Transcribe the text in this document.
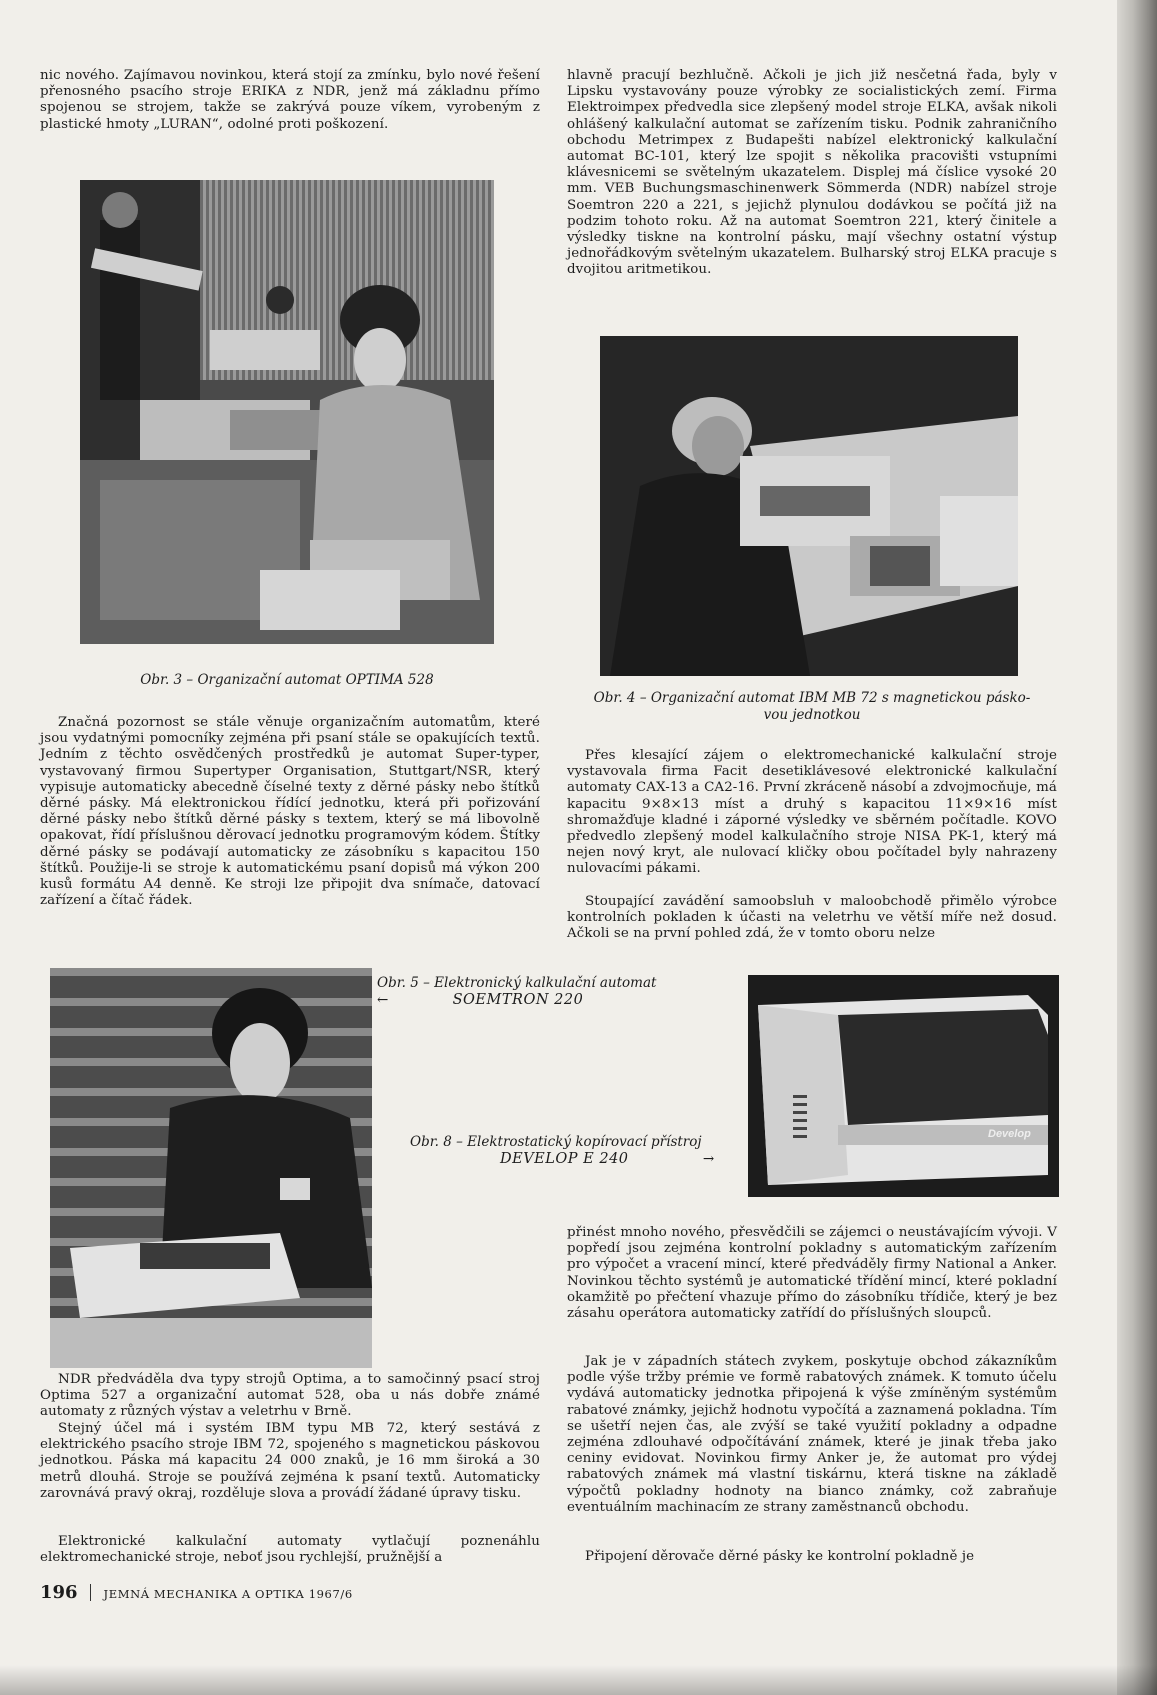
nic nového. Zajímavou novinkou, která stojí za zmínku, bylo nové řešení přenosného psacího stroje ERIKA z NDR, jenž má základnu přímo spojenou se strojem, takže se zakrývá pouze víkem, vyrobeným z plastické hmoty „LURAN“, odolné proti poškození.

hlavně pracují bezhlučně. Ačkoli je jich již nesčetná řada, byly v Lipsku vystavovány pouze výrobky ze socialistických zemí. Firma Elektroimpex předvedla sice zlepšený model stroje ELKA, avšak nikoli ohlášený kalkulační automat se zařízením tisku. Podnik zahraničního obchodu Metrimpex z Budapešti nabízel elektronický kalkulační automat BC-101, který lze spojit s několika pracovišti vstupními klávesnicemi se světelným ukazatelem. Displej má číslice vysoké 20 mm. VEB Buchungsmaschinenwerk Sömmerda (NDR) nabízel stroje Soemtron 220 a 221, s jejichž plynulou dodávkou se počítá již na podzim tohoto roku. Až na automat Soemtron 221, který činitele a výsledky tiskne na kontrolní pásku, mají všechny ostatní výstup jednořádkovým světelným ukazatelem. Bulharský stroj ELKA pracuje s dvojitou aritmetikou.

Obr. 3 – Organizační automat OPTIMA 528
Obr. 4 – Organizační automat IBM MB 72 s magnetickou pásko-
vou jednotkou

Značná pozornost se stále věnuje organizačním automatům, které jsou vydatnými pomocníky zejména při psaní stále se opakujících textů. Jedním z těchto osvědčených prostředků je automat Super-typer, vystavovaný firmou Supertyper Organisation, Stuttgart/NSR, který vypisuje automaticky abecedně číselné texty z děrné pásky nebo štítků děrné pásky. Má elektronickou řídící jednotku, která při pořizování děrné pásky nebo štítků děrné pásky s textem, který se má libovolně opakovat, řídí příslušnou děrovací jednotku programovým kódem. Štítky děrné pásky se podávají automaticky ze zásobníku s kapacitou 150 štítků. Použije-li se stroje k automatickému psaní dopisů má výkon 200 kusů formátu A4 denně. Ke stroji lze připojit dva snímače, datovací zařízení a čítač řádek.

Přes klesající zájem o elektromechanické kalkulační stroje vystavovala firma Facit desetiklávesové elektronické kalkulační automaty CAX-13 a CA2-16. První zkráceně násobí a zdvojmocňuje, má kapacitu 9×8×13 míst a druhý s kapacitou 11×9×16 míst shromažďuje kladné i záporné výsledky ve sběrném počítadle. KOVO předvedlo zlepšený model kalkulačního stroje NISA PK-1, který má nejen nový kryt, ale nulovací kličky obou počítadel byly nahrazeny nulovacími pákami.

Stoupající zavádění samoobsluh v maloobchodě přimělo výrobce kontrolních pokladen k účasti na veletrhu ve větší míře než dosud. Ačkoli se na první pohled zdá, že v tomto oboru nelze

Obr. 5 – Elektronický kalkulační automat
←	SOEMTRON 220
Develop
Obr. 8 – Elektrostatický kopírovací přístroj
DEVELOP E 240	→

přinést mnoho nového, přesvědčili se zájemci o neustávajícím vývoji. V popředí jsou zejména kontrolní pokladny s automatickým zařízením pro výpočet a vracení mincí, které předváděly firmy National a Anker. Novinkou těchto systémů je automatické třídění mincí, které pokladní okamžitě po přečtení vhazuje přímo do zásobníku třídiče, který je bez zásahu operátora automaticky zatřídí do příslušných sloupců.

Jak je v západních státech zvykem, poskytuje obchod zákazníkům podle výše tržby prémie ve formě rabatových známek. K tomuto účelu vydává automaticky jednotka připojená k výše zmíněným systémům rabatové známky, jejichž hodnotu vypočítá a zaznamená pokladna. Tím se ušetří nejen čas, ale zvýší se také využití pokladny a odpadne zejména zdlouhavé odpočítávání známek, které je jinak třeba jako ceniny evidovat. Novinkou firmy Anker je, že automat pro výdej rabatových známek má vlastní tiskárnu, která tiskne na základě výpočtů pokladny hodnoty na bianco známky, což zabraňuje eventuálním machinacím ze strany zaměstnanců obchodu.

Připojení děrovače děrné pásky ke kontrolní pokladně je

NDR předváděla dva typy strojů Optima, a to samočinný psací stroj Optima 527 a organizační automat 528, oba u nás dobře známé automaty z různých výstav a veletrhu v Brně.

Stejný účel má i systém IBM typu MB 72, který sestává z elektrického psacího stroje IBM 72, spojeného s magnetickou páskovou jednotkou. Páska má kapacitu 24 000 znaků, je 16 mm široká a 30 metrů dlouhá. Stroje se používá zejména k psaní textů. Automaticky zarovnává pravý okraj, rozděluje slova a provádí žádané úpravy tisku.

Elektronické kalkulační automaty vytlačují poznenáhlu elektromechanické stroje, neboť jsou rychlejší, pružnější a

196 JEMNÁ MECHANIKA A OPTIKA 1967/6
